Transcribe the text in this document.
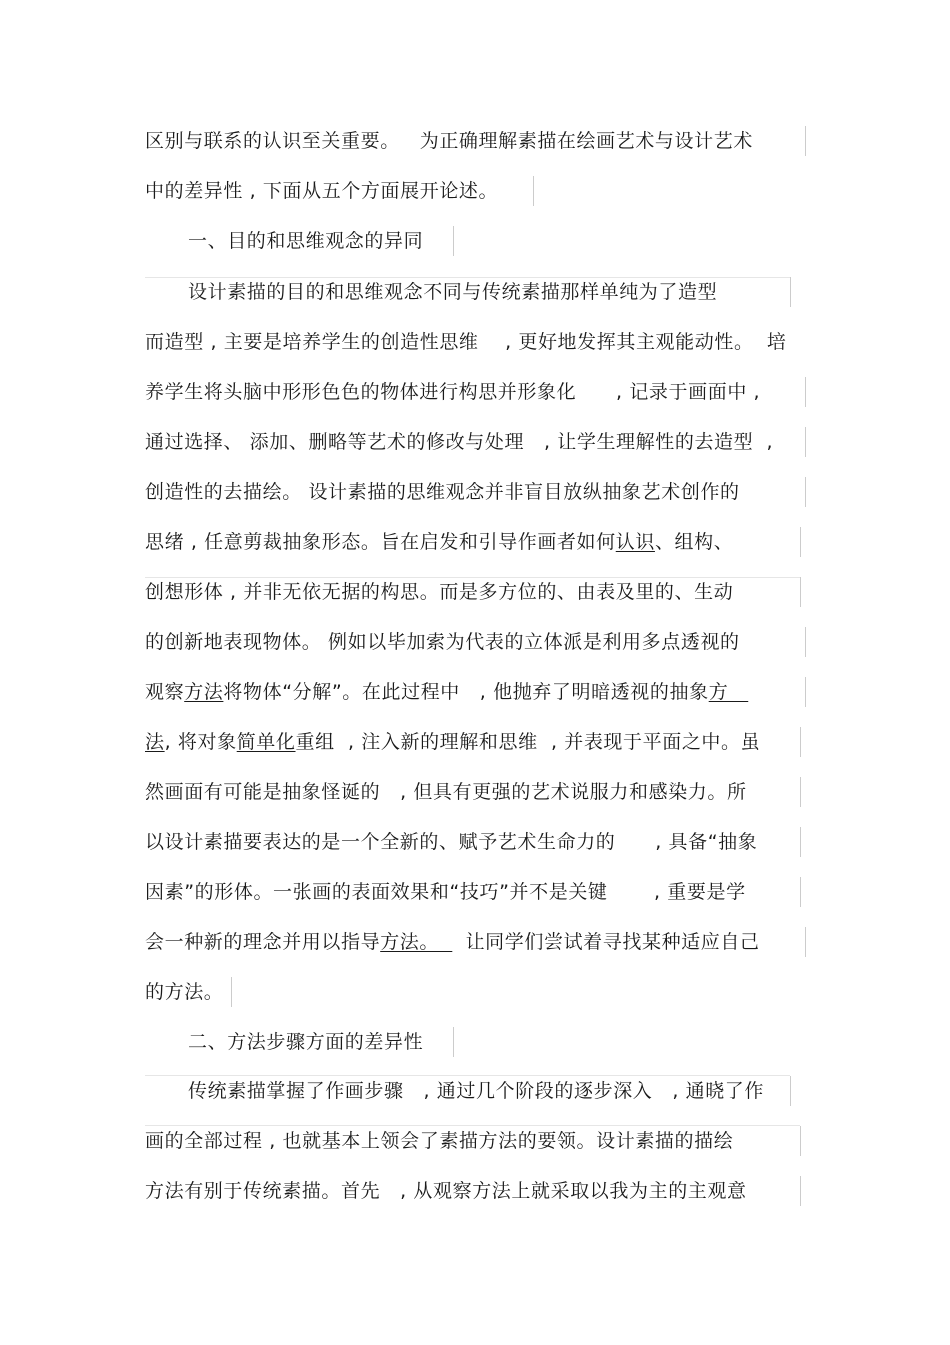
区别与联系的认识至关重要。   为正确理解素描在绘画艺术与设计艺术
中的差异性 , 下面从五个方面展开论述。
一、目的和思维观念的异同
设计素描的目的和思维观念不同与传统素描那样单纯为了造型
而造型 , 主要是培养学生的创造性思维    , 更好地发挥其主观能动性。  培
养学生将头脑中形形色色的物体进行构思并形象化      , 记录于画面中 ,
通过选择、 添加、删略等艺术的修改与处理   , 让学生理解性的去造型  ,
创造性的去描绘。 设计素描的思维观念并非盲目放纵抽象艺术创作的
思绪 , 任意剪裁抽象形态。旨在启发和引导作画者如何认识、组构、
创想形体 , 并非无依无据的构思。而是多方位的、由表及里的、生动
的创新地表现物体。 例如以毕加索为代表的立体派是利用多点透视的
观察方法将物体“分解”。在此过程中   , 他抛弃了明暗透视的抽象方
法, 将对象简单化重组  , 注入新的理解和思维  , 并表现于平面之中。虽
然画面有可能是抽象怪诞的   , 但具有更强的艺术说服力和感染力。所
以设计素描要表达的是一个全新的、赋予艺术生命力的      , 具备“抽象
因素”的形体。一张画的表面效果和“技巧”并不是关键       , 重要是学
会一种新的理念并用以指导方法。    让同学们尝试着寻找某种适应自己
的方法。
二、方法步骤方面的差异性
传统素描掌握了作画步骤   , 通过几个阶段的逐步深入   , 通晓了作
画的全部过程 , 也就基本上领会了素描方法的要领。设计素描的描绘
方法有别于传统素描。首先   , 从观察方法上就采取以我为主的主观意
